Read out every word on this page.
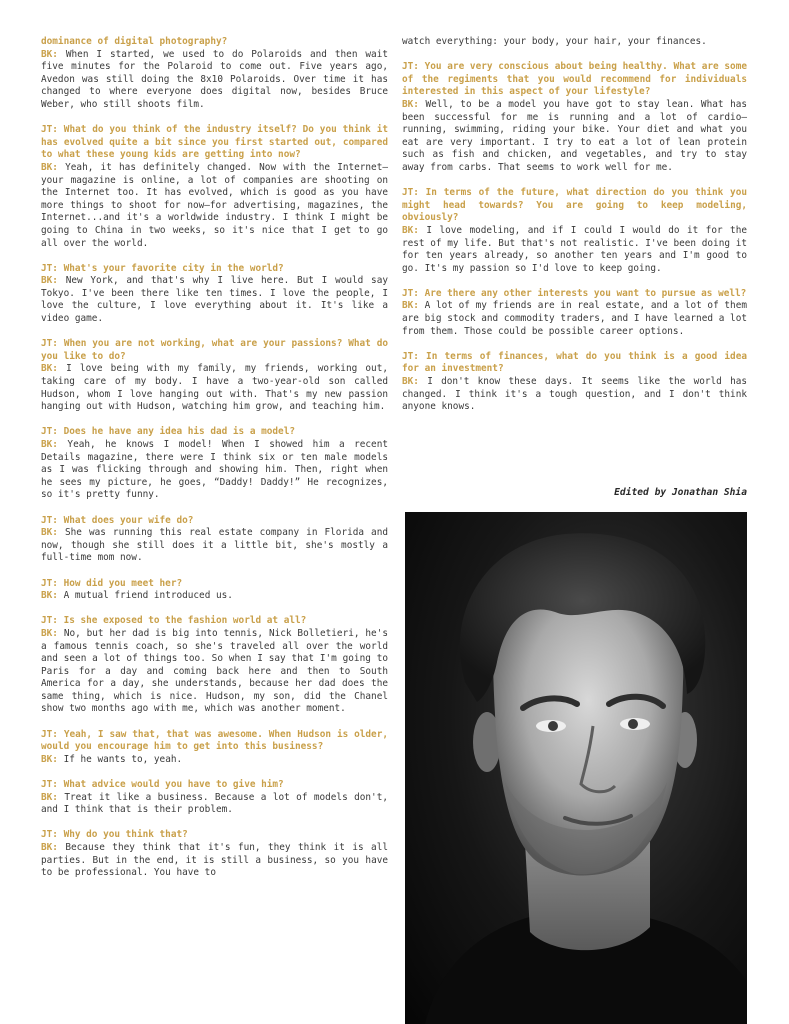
dominance of digital photography?

BK: When I started, we used to do Polaroids and then wait five minutes for the Polaroid to come out. Five years ago, Avedon was still doing the 8x10 Polaroids. Over time it has changed to where everyone does digital now, besides Bruce Weber, who still shoots film.

JT: What do you think of the industry itself? Do you think it has evolved quite a bit since you first started out, compared to what these young kids are getting into now?

BK: Yeah, it has definitely changed. Now with the Internet—your magazine is online, a lot of companies are shooting on the Internet too. It has evolved, which is good as you have more things to shoot for now—for advertising, magazines, the Internet...and it's a worldwide industry. I think I might be going to China in two weeks, so it's nice that I get to go all over the world.

JT: What's your favorite city in the world?

BK: New York, and that's why I live here. But I would say Tokyo. I've been there like ten times. I love the people, I love the culture, I love everything about it. It's like a video game.

JT: When you are not working, what are your passions? What do you like to do?

BK: I love being with my family, my friends, working out, taking care of my body. I have a two-year-old son called Hudson, whom I love hanging out with. That's my new passion hanging out with Hudson, watching him grow, and teaching him.

JT: Does he have any idea his dad is a model?

BK: Yeah, he knows I model! When I showed him a recent Details magazine, there were I think six or ten male models as I was flicking through and showing him. Then, right when he sees my picture, he goes, “Daddy! Daddy!” He recognizes, so it's pretty funny.

JT: What does your wife do?

BK: She was running this real estate company in Florida and now, though she still does it a little bit, she's mostly a full-time mom now.

JT: How did you meet her?

BK: A mutual friend introduced us.

JT: Is she exposed to the fashion world at all?

BK: No, but her dad is big into tennis, Nick Bolletieri, he's a famous tennis coach, so she's traveled all over the world and seen a lot of things too. So when I say that I'm going to Paris for a day and coming back here and then to South America for a day, she understands, because her dad does the same thing, which is nice. Hudson, my son, did the Chanel show two months ago with me, which was another moment.

JT: Yeah, I saw that, that was awesome. When Hudson is older, would you encourage him to get into this business?

BK: If he wants to, yeah.

JT: What advice would you have to give him?

BK: Treat it like a business. Because a lot of models don't, and I think that is their problem.

JT: Why do you think that?

BK: Because they think that it's fun, they think it is all parties. But in the end, it is still a business, so you have to be professional. You have to

watch everything: your body, your hair, your finances.

JT: You are very conscious about being healthy. What are some of the regiments that you would recommend for individuals interested in this aspect of your lifestyle?

BK: Well, to be a model you have got to stay lean. What has been successful for me is running and a lot of cardio—running, swimming, riding your bike. Your diet and what you eat are very important. I try to eat a lot of lean protein such as fish and chicken, and vegetables, and try to stay away from carbs. That seems to work well for me.

JT: In terms of the future, what direction do you think you might head towards? You are going to keep modeling, obviously?

BK: I love modeling, and if I could I would do it for the rest of my life. But that's not realistic. I've been doing it for ten years already, so another ten years and I'm good to go. It's my passion so I'd love to keep going.

JT: Are there any other interests you want to pursue as well?

BK: A lot of my friends are in real estate, and a lot of them are big stock and commodity traders, and I have learned a lot from them. Those could be possible career options.

JT: In terms of finances, what do you think is a good idea for an investment?

BK: I don't know these days. It seems like the world has changed. I think it's a tough question, and I don't think anyone knows.

Edited by Jonathan Shia
